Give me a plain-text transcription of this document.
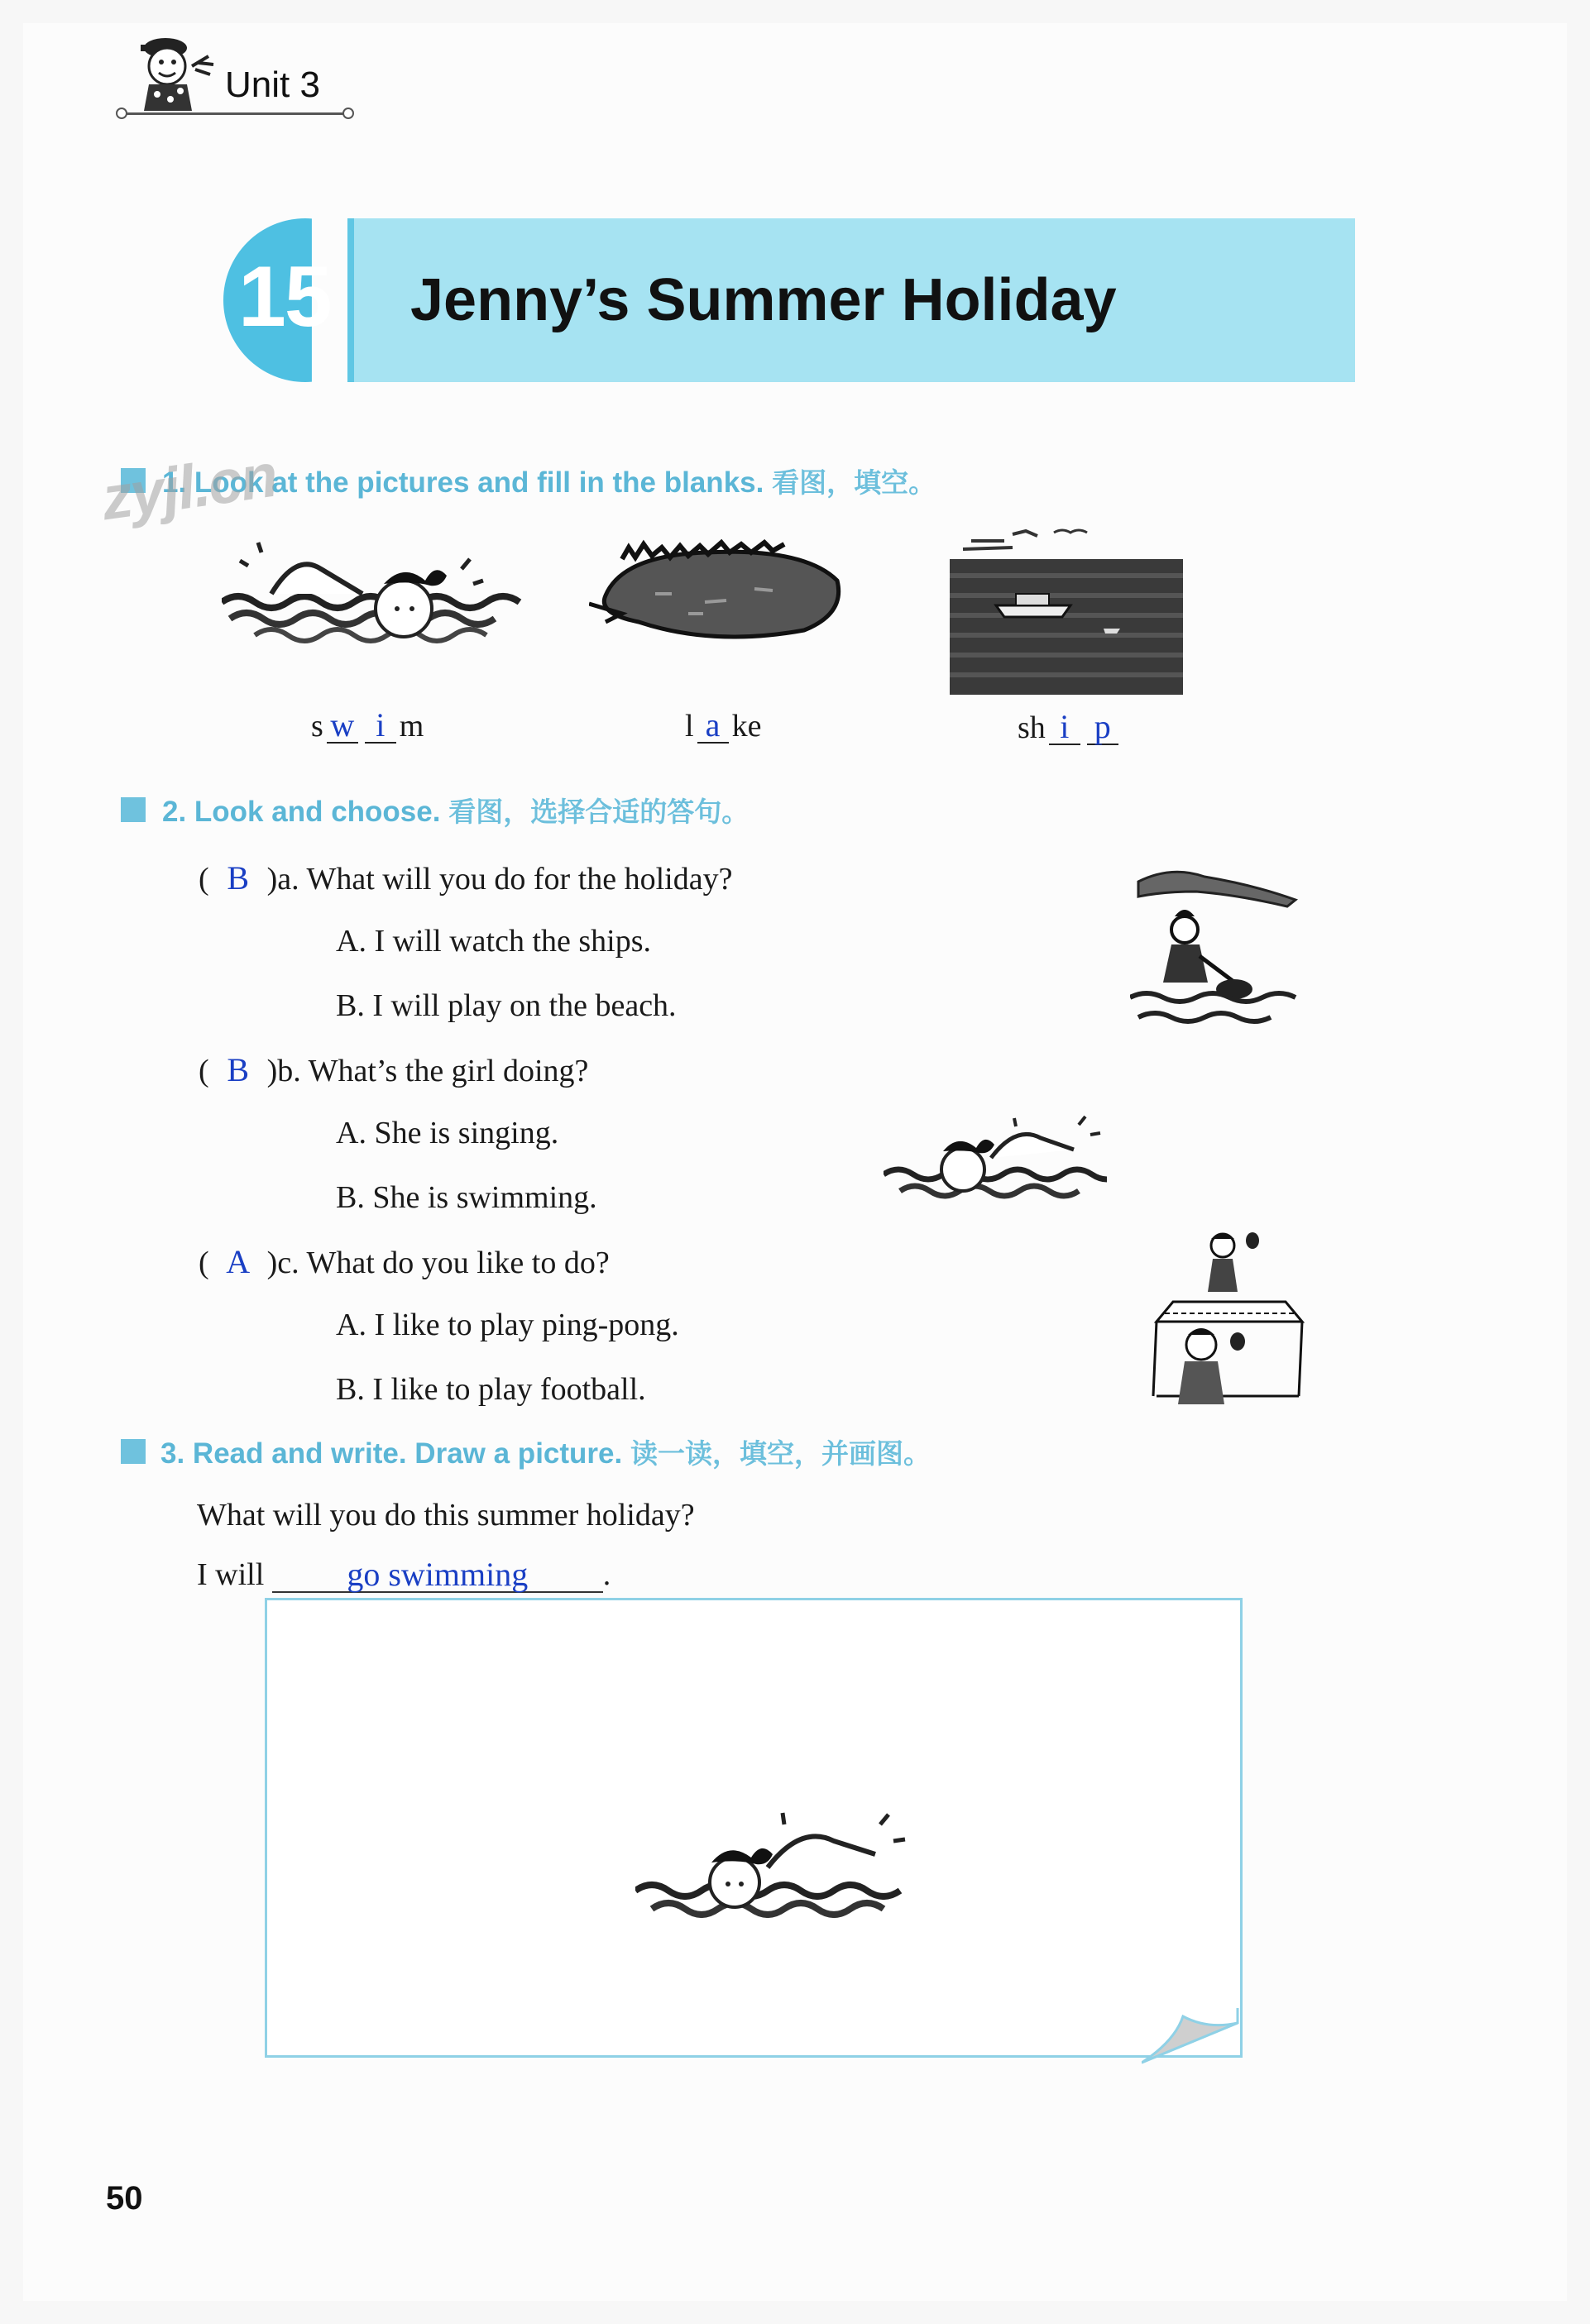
Unit 3
15 Jenny’s Summer Holiday
1. Look at the pictures and fill in the blanks. 看图，填空。
zyjl.cn
s w i m	l a ke	sh i p
2. Look and choose. 看图，选择合适的答句。
( B )a. What will you do for the holiday?
A. I will watch the ships.
B. I will play on the beach.
( B )b. What’s the girl doing?
A. She is singing.
B. She is swimming.
( A )c. What do you like to do?
A. I like to play ping-pong.
B. I like to play football.
3. Read and write. Draw a picture. 读一读，填空，并画图。
What will you do this summer holiday?
I will	go swimming .
50
